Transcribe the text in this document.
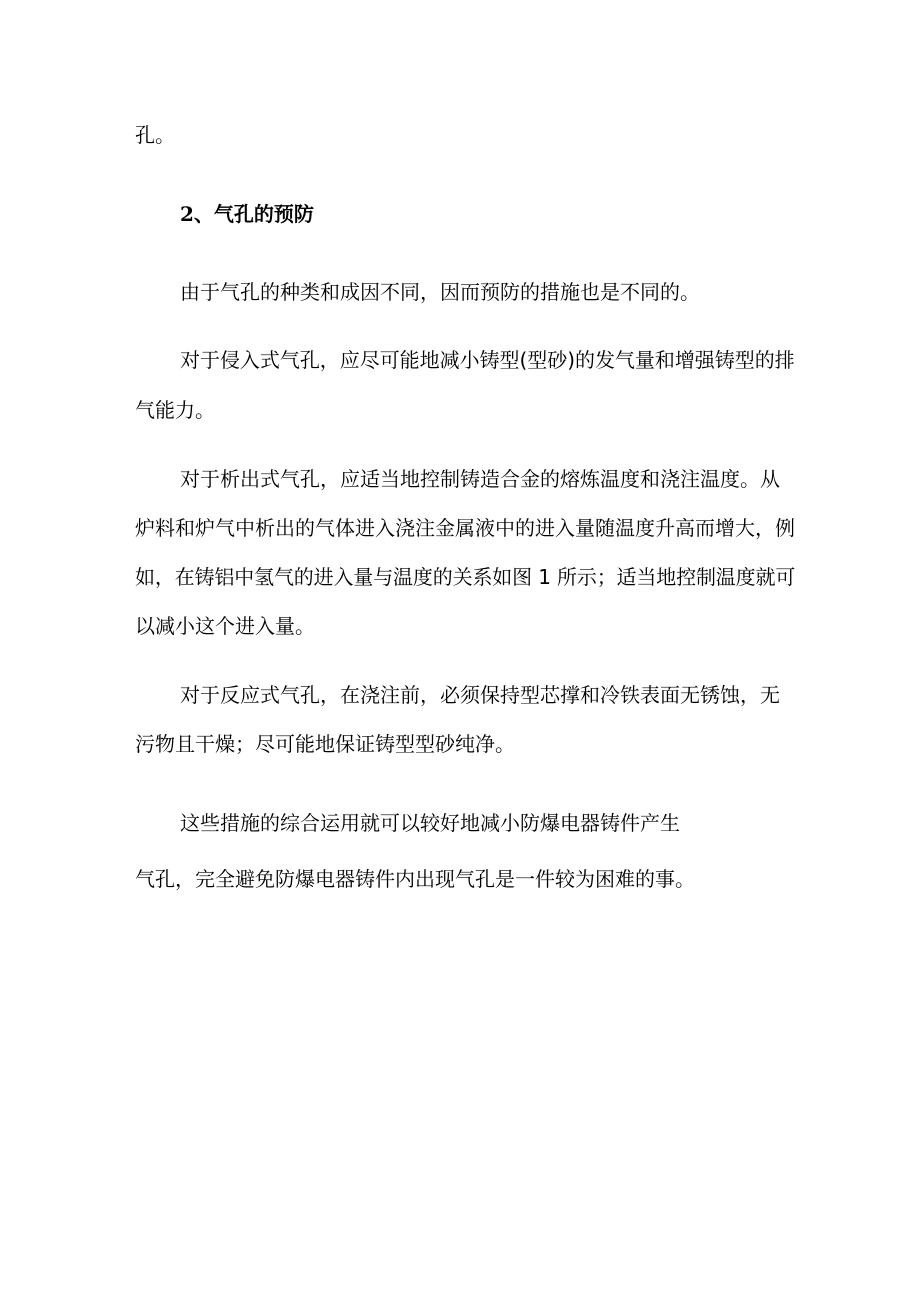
孔。
2、气孔的预防
由于气孔的种类和成因不同，因而预防的措施也是不同的。
对于侵入式气孔，应尽可能地减小铸型(型砂)的发气量和增强铸型的排
气能力。
对于析出式气孔，应适当地控制铸造合金的熔炼温度和浇注温度。从
炉料和炉气中析出的气体进入浇注金属液中的进入量随温度升高而增大，例
如，在铸铝中氢气的进入量与温度的关系如图 1 所示；适当地控制温度就可
以减小这个进入量。
对于反应式气孔，在浇注前，必须保持型芯撑和冷铁表面无锈蚀，无
污物且干燥；尽可能地保证铸型型砂纯净。
这些措施的综合运用就可以较好地减小防爆电器铸件产生
气孔，完全避免防爆电器铸件内出现气孔是一件较为困难的事。
